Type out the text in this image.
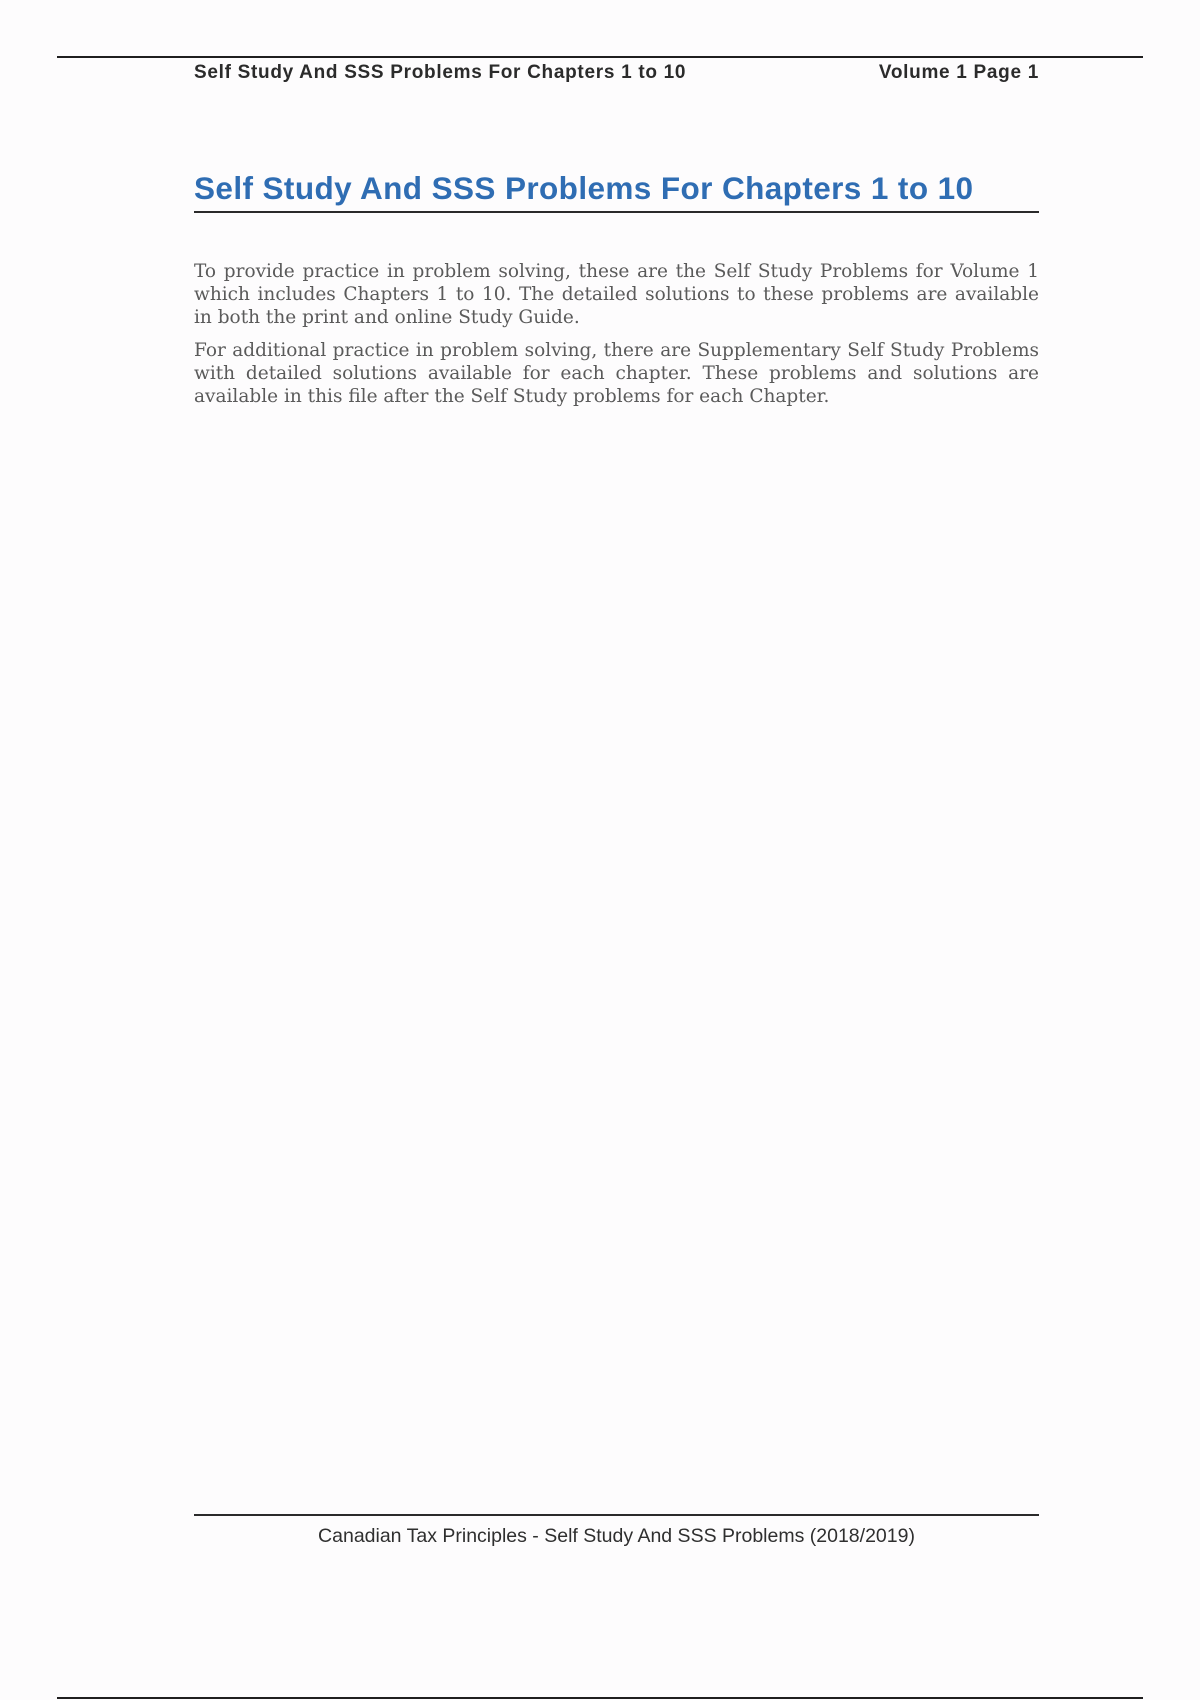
Self Study And SSS Problems For Chapters 1 to 10	Volume 1 Page 1
Self Study And SSS Problems For Chapters 1 to 10

To provide practice in problem solving, these are the Self Study Problems for Volume 1 which includes Chapters 1 to 10. The detailed solutions to these problems are available in both the print and online Study Guide.

For additional practice in problem solving, there are Supplementary Self Study Problems with detailed solutions available for each chapter. These problems and solutions are available in this file after the Self Study problems for each Chapter.

Canadian Tax Principles - Self Study And SSS Problems (2018/2019)
